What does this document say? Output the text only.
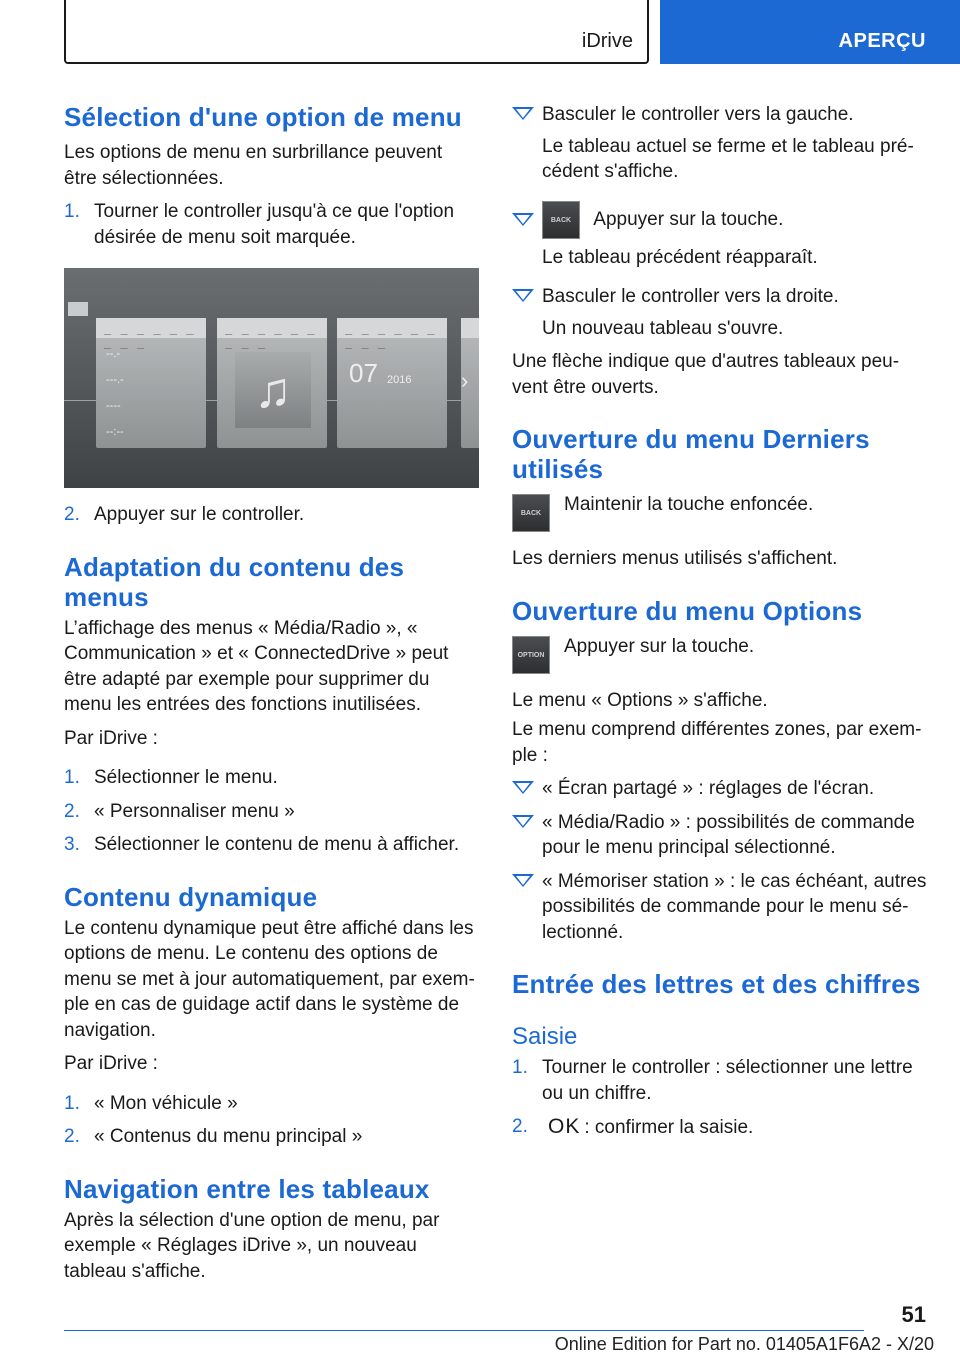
iDrive	APERÇU
Sélection d'une option de menu

Les options de menu en surbrillance peuvent être sélectionnées.

1. Tourner le controller jusqu'à ce que l'option désirée de menu soit marquée.
_ _ _ _ _ _ _ _ _
--.-
---.-
----
--:--
_ _ _ _ _ _ _ _ _
♫
_ _ _ _ _ _ _ _ _
07 2016 ›
2. Appuyer sur le controller.
Adaptation du contenu des menus

L’affichage des menus « Média/Radio », « Communication » et « ConnectedDrive » peut être adapté par exemple pour supprimer du menu les entrées des fonctions inutilisées.

Par iDrive :

1. Sélectionner le menu.
2. « Personnaliser menu »
3. Sélectionner le contenu de menu à afficher.
Contenu dynamique

Le contenu dynamique peut être affiché dans les options de menu. Le contenu des options de menu se met à jour automatiquement, par exem-ple en cas de guidage actif dans le système de navigation.

Par iDrive :

1. « Mon véhicule »
2. « Contenus du menu principal »
Navigation entre les tableaux

Après la sélection d'une option de menu, par exemple « Réglages iDrive », un nouveau tableau s'affiche.

Basculer le controller vers la gauche.
Le tableau actuel se ferme et le tableau pré-cédent s'affiche.
BACK Appuyer sur la touche.
Le tableau précédent réapparaît.
Basculer le controller vers la droite.
Un nouveau tableau s'ouvre.

Une flèche indique que d'autres tableaux peu-vent être ouverts.

Ouverture du menu Derniers utilisés
BACK	Maintenir la touche enfoncée.

Les derniers menus utilisés s'affichent.

Ouverture du menu Options
OPTION Appuyer sur la touche.

Le menu « Options » s'affiche.

Le menu comprend différentes zones, par exem-ple :

« Écran partagé » : réglages de l'écran.
« Média/Radio » : possibilités de commande pour le menu principal sélectionné.
« Mémoriser station » : le cas échéant, autres possibilités de commande pour le menu sé-lectionné.
Entrée des lettres et des chiffres
Saisie
1. Tourner le controller : sélectionner une lettre ou un chiffre.
2. OK : confirmer la saisie.
51
Online Edition for Part no. 01405A1F6A2 - X/20
